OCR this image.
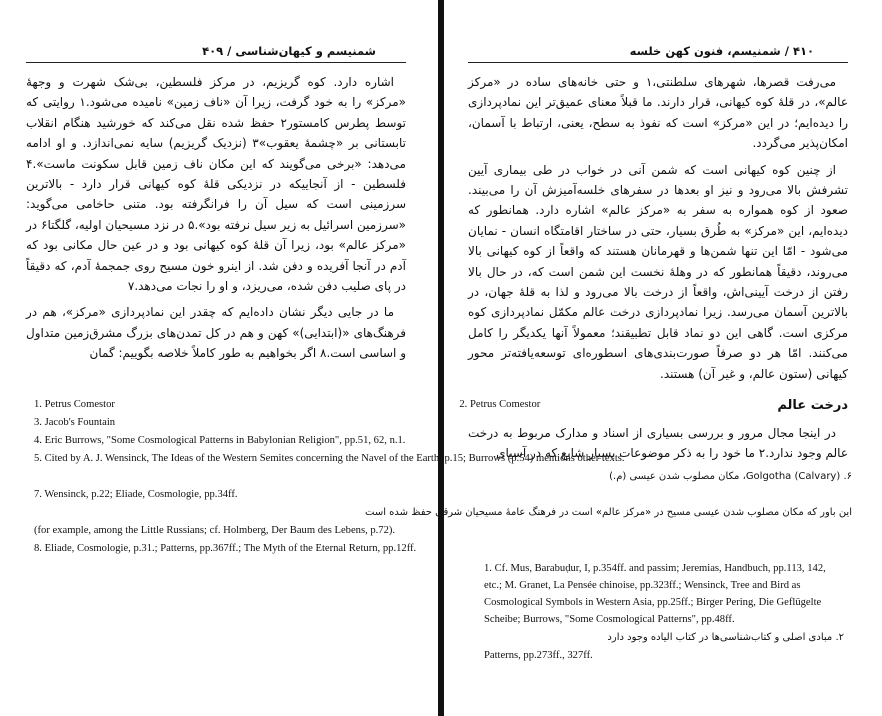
شمنیسم و کیهان‌شناسی / ۴۰۹

اشاره دارد. کوه گریزیم، در مرکز فلسطین، بی‌شک شهرت و وجههٔ «مرکز» را به خود گرفت، زیرا آن «ناف زمین» نامیده می‌شود.۱ روایتی که توسط پطرس کامستور۲ حفظ شده نقل می‌کند که خورشید هنگام انقلاب تابستانی بر «چشمهٔ یعقوب»۳ (نزدیک گریزیم) سایه نمی‌اندازد. و او ادامه می‌دهد: «برخی می‌گویند که این مکان ناف زمین قابل سکونت ماست».۴ فلسطین - از آنجاییکه در نزدیکی قلهٔ کوه کیهانی قرار دارد - بالاترین سرزمینی است که سیل آن را فرانگرفته بود. متنی حاخامی می‌گوید: «سرزمین اسرائیل به زیر سیل نرفته بود».۵ در نزد مسیحیان اولیه، گلگتا۶ در «مرکز عالم» بود، زیرا آن قلهٔ کوه کیهانی بود و در عین حال مکانی بود که آدم در آنجا آفریده و دفن شد. از اینرو خون مسیح روی جمجمهٔ آدم، که دقیقاً در پای صلیب دفن شده، می‌ریزد، و او را نجات می‌دهد.۷

ما در جایی دیگر نشان داده‌ایم که چقدر این نمادپردازی «مرکز»، هم در فرهنگ‌های «(ابتدایی)» کهن و هم در کل تمدن‌های بزرگ مشرق‌زمین متداول و اساسی است.۸ اگر بخواهیم به طور کاملاً خلاصه بگوییم: گمان

1. Petrus Comestor	2. Petrus Comestor
3. Jacob's Fountain
4. Eric Burrows, "Some Cosmological Patterns in Babylonian Religion", pp.51, 62, n.1.
5. Cited by A. J. Wensinck, The Ideas of the Western Semites concerning the Navel of the Earth, p.15; Burrows (p.54) mentions other texts.
۶. Golgotha (Calvary)، مکان مصلوب شدن عیسی (م.)
7. Wensinck, p.22; Eliade, Cosmologie, pp.34ff.
این باور که مکان مصلوب شدن عیسی مسیح در «مرکز عالم» است در فرهنگ عامهٔ مسیحیان شرقی حفظ شده است
(for example, among the Little Russians; cf. Holmberg, Der Baum des Lebens, p.72).
8. Eliade, Cosmologie, p.31.; Patterns, pp.367ff.; The Myth of the Eternal Return, pp.12ff.
۴۱۰ / شمنیسم، فنون کهن خلسه

می‌رفت قصرها، شهرهای سلطنتی،۱ و حتی خانه‌های ساده در «مرکز عالم»، در قلهٔ کوه کیهانی، قرار دارند. ما قبلاً معنای عمیق‌تر این نمادپردازی را دیده‌ایم؛ در این «مرکز» است که نفوذ به سطح، یعنی، ارتباط با آسمان، امکان‌پذیر می‌گردد.

از چنین کوه کیهانی است که شمن آنی در خواب در طی بیماری آیین تشرفش بالا می‌رود و نیز او بعدها در سفرهای خلسه‌آمیزش آن را می‌بیند. صعود از کوه همواره به سفر به «مرکز عالم» اشاره دارد. همانطور که دیده‌ایم، این «مرکز» به طُرق بسیار، حتی در ساختار اقامتگاه انسان - نمایان می‌شود - امّا این تنها شمن‌ها و قهرمانان هستند که واقعاً از کوه کیهانی بالا می‌روند، دقیقاً همانطور که در وهلهٔ نخست این شمن است که، در حال بالا رفتن از درخت آیینی‌اش، واقعاً از درخت بالا می‌رود و لذا به قلهٔ جهان، در بالاترین آسمان می‌رسد. زیرا نمادپردازی درخت عالم مکمّل نمادپردازی کوه مرکزی است. گاهی این دو نماد قابل تطبیقند؛ معمولاً آنها یکدیگر را کامل می‌کنند. امّا هر دو صرفاً صورت‌بندی‌های اسطوره‌ای توسعه‌یافته‌تر محور کیهانی (ستون عالم، و غیر آن) هستند.

درخت عالم

در اینجا مجال مرور و بررسی بسیاری از اسناد و مدارک مربوط به درخت عالم وجود ندارد.۲ ما خود را به ذکر موضوعات بسیار شایع که در آسیای

1. Cf. Mus, Barabuḍur, I, p.354ff. and passim; Jeremias, Handbuch, pp.113, 142, etc.; M. Granet, La Pensée chinoise, pp.323ff.; Wensinck, Tree and Bird as Cosmological Symbols in Western Asia, pp.25ff.; Birger Pering, Die Geflügelte Scheibe; Burrows, "Some Cosmological Patterns", pp.48ff.
۲. مبادی اصلی و کتاب‌شناسی‌ها در کتاب الیاده وجود دارد
Patterns, pp.273ff., 327ff.
